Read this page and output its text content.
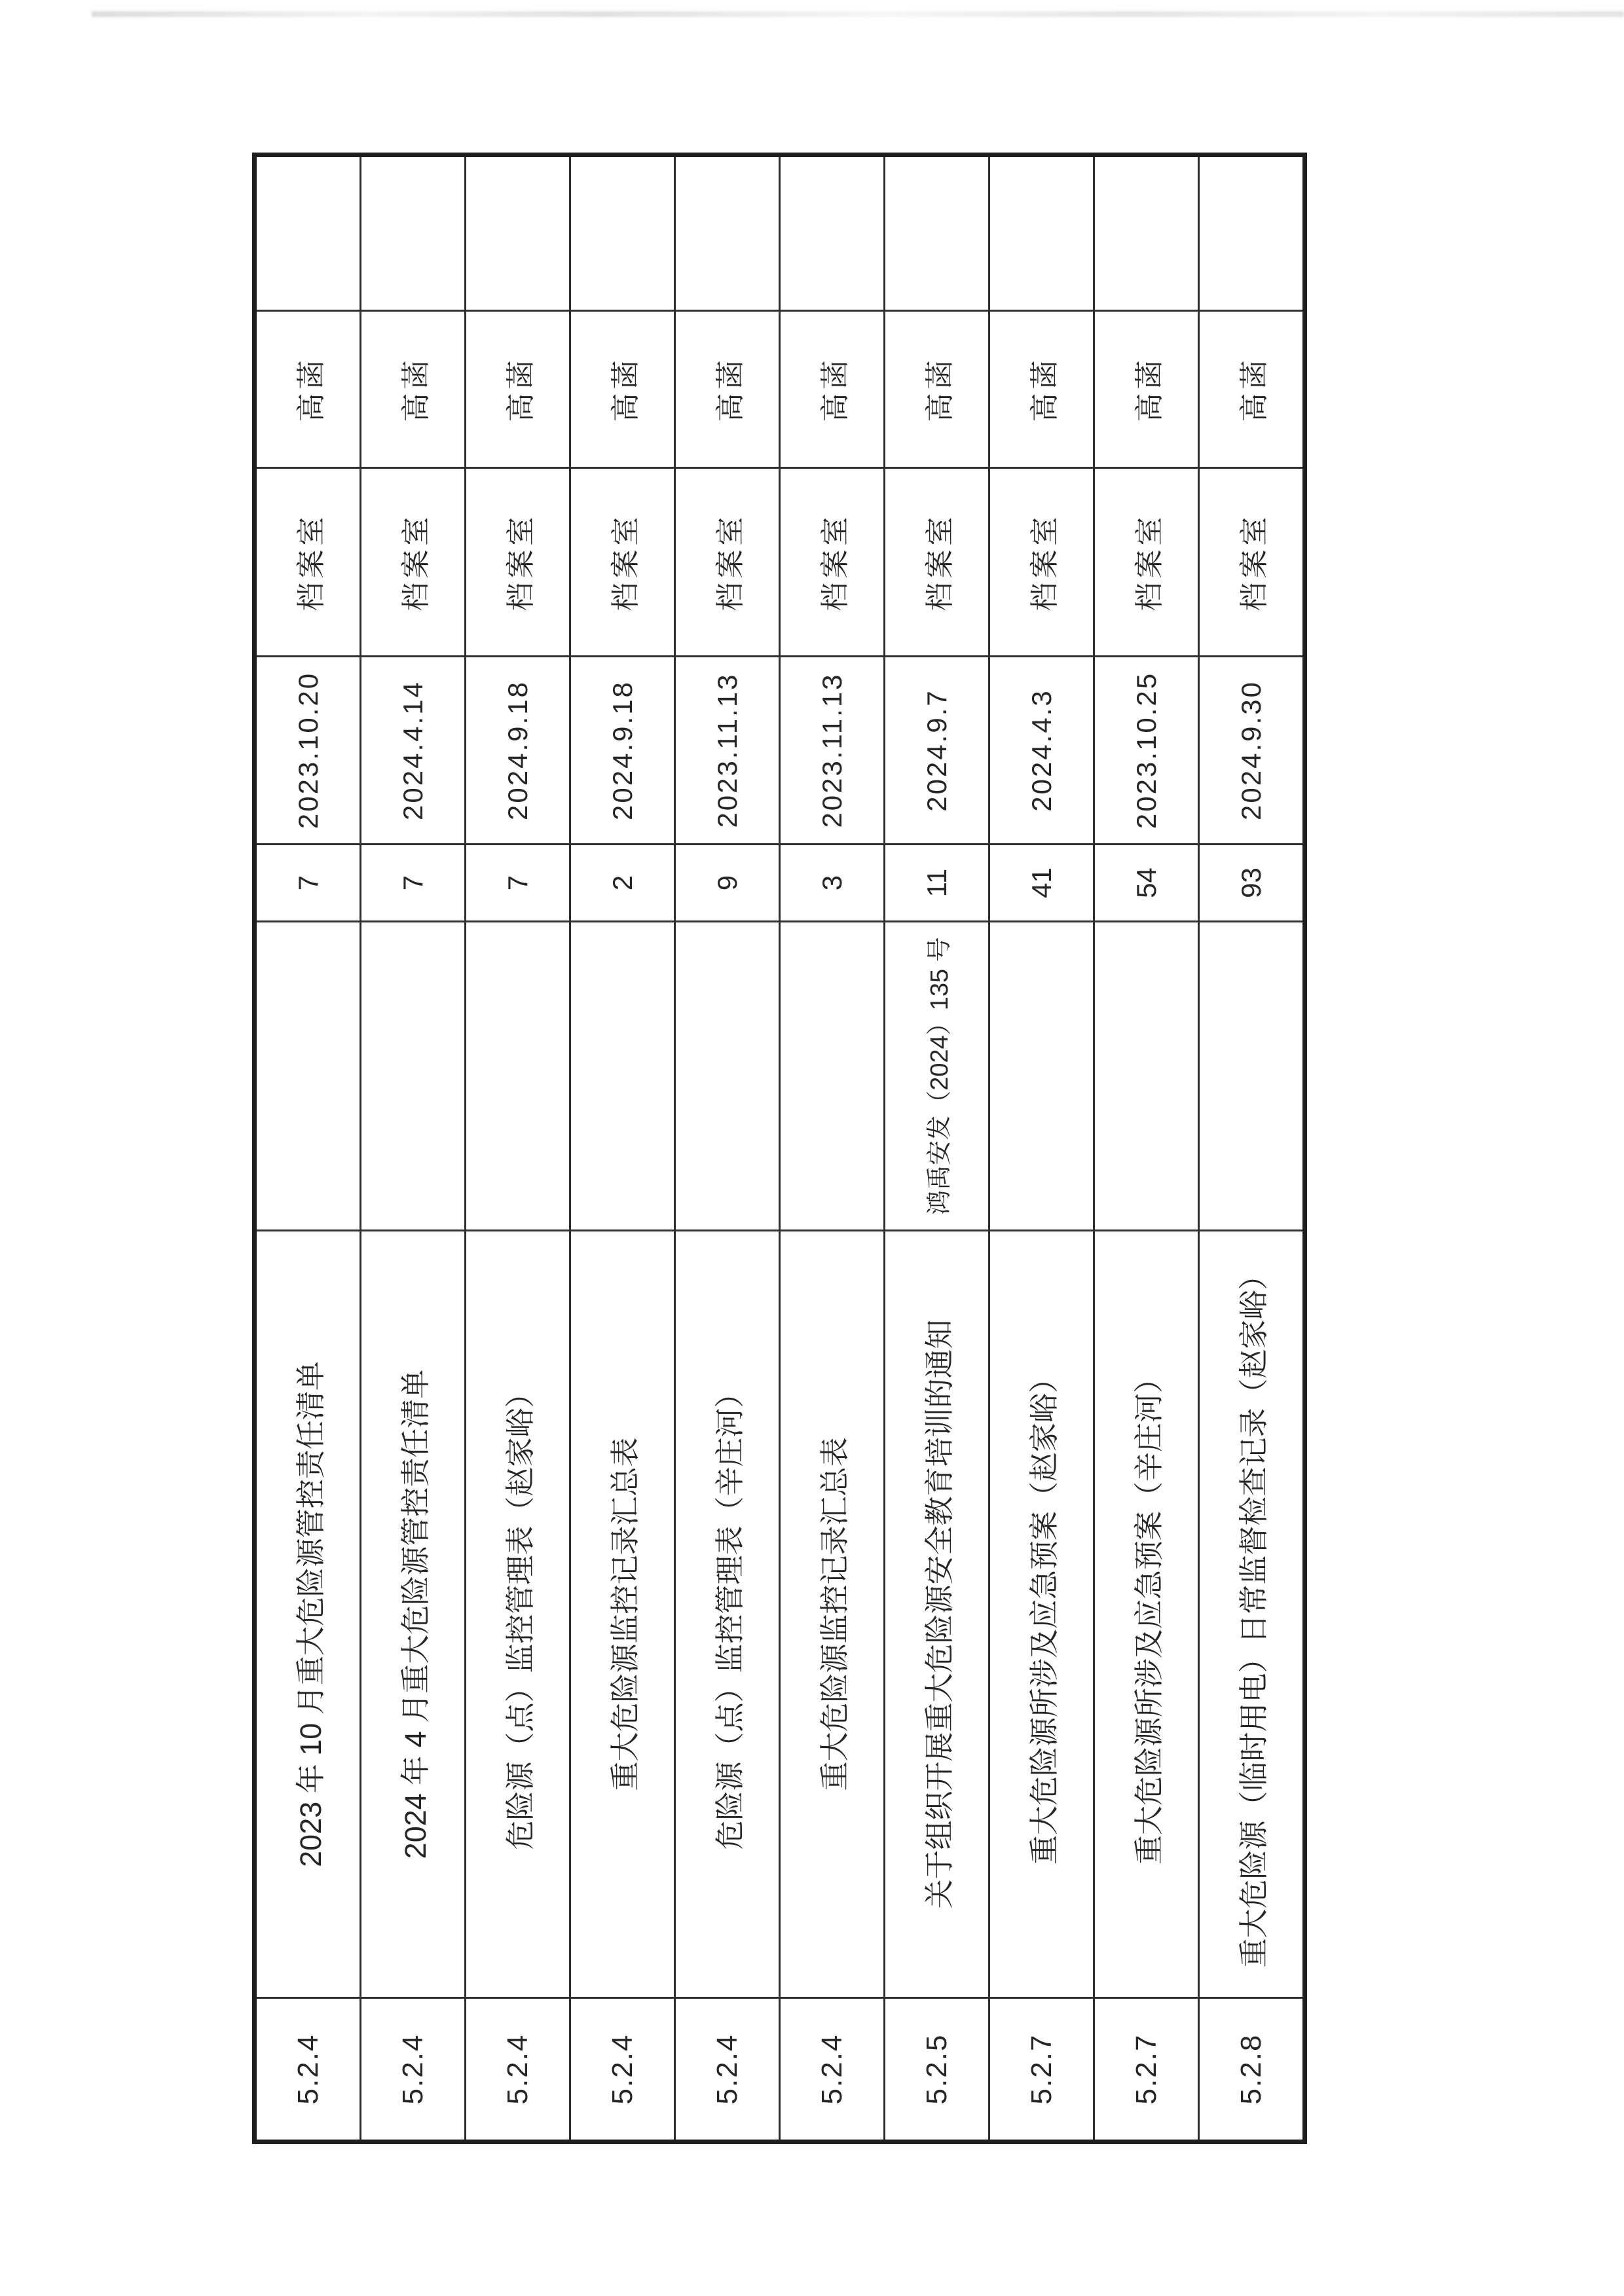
5.2.4	2023 年 10 月重大危险源管控责任清单		7	2023.10.20	档案室	高菡	
5.2.4	2024 年 4 月重大危险源管控责任清单		7	2024.4.14	档案室	高菡	
5.2.4	危险源（点）监控管理表（赵家峪）		7	2024.9.18	档案室	高菡	
5.2.4	重大危险源监控记录汇总表		2	2024.9.18	档案室	高菡	
5.2.4	危险源（点）监控管理表（辛庄河）		9	2023.11.13	档案室	高菡	
5.2.4	重大危险源监控记录汇总表		3	2023.11.13	档案室	高菡	
5.2.5	关于组织开展重大危险源安全教育培训的通知	鸿禹安发（2024）135 号	11	2024.9.7	档案室	高菡	
5.2.7	重大危险源所涉及应急预案（赵家峪）		41	2024.4.3	档案室	高菡	
5.2.7	重大危险源所涉及应急预案（辛庄河）		54	2023.10.25	档案室	高菡	
5.2.8	重大危险源（临时用电）日常监督检查记录（赵家峪）		93	2024.9.30	档案室	高菡	
